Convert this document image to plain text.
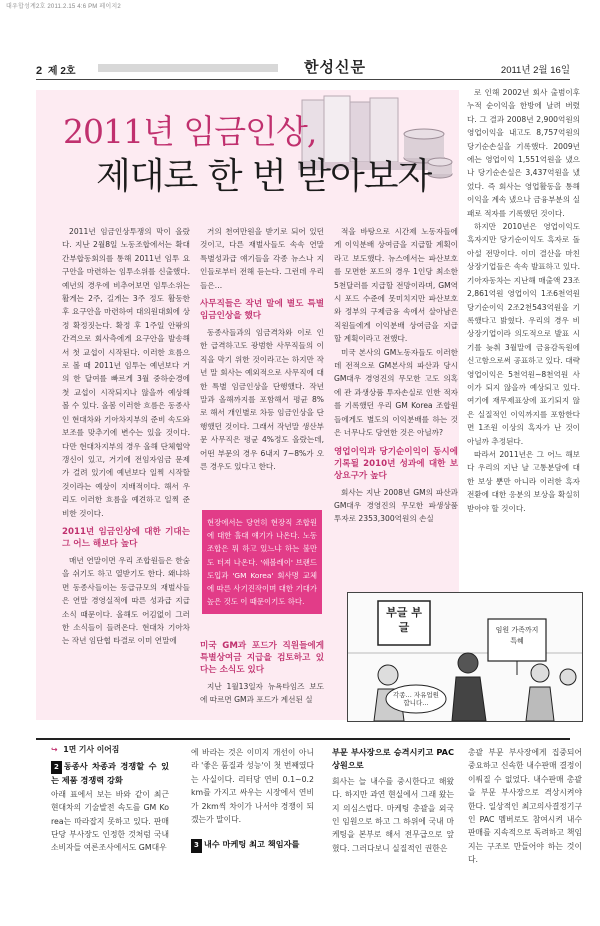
대우합성계2호 2011.2.15 4:6 PM 페이지2
2 제 2호	한성신문	2011년 2월 16일
2011년 임금인상,
제대로 한 번 받아보자

2011년 임금인상투쟁의 막이 올랐다. 지난 2월8일 노동조합에서는 확대간부합동회의를 통해 2011년 임투 요구안을 마련하는 임투소위를 신출했다. 예년의 경우에 비추어보면 임투소위는 활게는 2주, 길게는 3주 정도 활동한 후 요구안을 마련하여 대의원대회에 상정 확정짓는다. 확정 후 1주일 안팎의 간격으로 회사측에게 요구안을 발송해서 첫 교섭이 시작된다. 이러한 흐름으로 볼 때 2011년 임투는 예년보다 거의 한 달여를 빠르게 3월 중하순경에 첫 교섭이 시작되지나 않을까 예상해 볼 수 있다. 올봄 이러한 흐름은 동종사인 현대차와 기아차지부의 준비 속도와 보조를 맞추기에 변수는 있을 것이다. 다만 현대차지부의 경우 올해 단체협약 갱신이 있고, 거기에 전임자임금 문제가 걸려 있기에 예년보다 일찍 시작할 것이라는 예상이 지배적이다. 해서 우리도 이러한 흐름을 예견하고 일찍 준비한 것이다.

2011년 임금인상에 대한 기대는 그 어느 해보다 높다

매년 연말이면 우리 조합원들은 한숨을 쉬기도 하고 열받기도 한다. 왜냐하면 동종사들이는 동급규모의 재벌사들은 연말 경영실적에 따른 성과급 지급 소식 때문이다. 올해도 어김없이 그러한 소식들이 들려온다. 현대차 기아차는 작년 임단협 타결로 이미 연말에

거의 천여만원을 받기로 되어 있던 것이고, 다른 재벌사들도 속속 연말 특별성과급 얘기들을 각종 뉴스나 지인들로부터 전해 듣는다. 그런데 우리들은…

사무직들은 작년 말에 별도 특별 임금인상을 했다

동종사들과의 임금격차와 이로 인한 급격하고도 광범한 사무직들의 이직을 막기 위한 것이라고는 하지만 작년 말 회사는 예외적으로 사무직에 대한 특별 임금인상을 단행했다. 작년 말과 올해까지를 포함해서 평균 8%로 해서 개인별로 차등 임금인상을 단행했던 것이다. 그래서 작년말 생산부문 사무직은 평균 4%정도 올랐는데, 어떤 부문의 경우 6내지 7~8%가 오른 경우도 있다고 한다.

현장에서는 당연히 현장직 조합원에 대한 홀대 얘기가 나온다. 노동조합은 뭐 하고 있느냐 하는 불만도 터져 나온다. '쉐볼레이' 브랜드 도입과 'GM Korea' 회사명 교체에 따른 사기진작이며 대한 기대가 높은 것도 이 때문이기도 하다.
미국 GM과 포드가 직원들에게 특별상여금 지급을 검토하고 있다는 소식도 있다

지난 1월13일자 뉴욕타임즈 보도에 따르면 GM과 포드가 계선된 실

적을 바탕으로 시간제 노동자들에게 이익분배 상여금을 지급할 계획이라고 보도했다. 뉴스에서는 파산보호를 모면한 포드의 경우 1인당 최소한 5천달러를 지급할 전망이라며, GM역시 포드 수준에 못미치지만 파산보호와 정부의 구제금융 속에서 살아남은 직원들에게 이익분배 상여금을 지급할 계획이라고 전했다.

미국 본사의 GM노동자들도 이러한데 전적으로 GM본사의 파산과 당시 GM대우 경영진의 무모한 고도 의혹에 관 과생상품 투자손실로 인한 적자를 기록했던 우리 GM Korea 조합원들에게도 별도의 이익분배를 하는 것은 너무나도 당연한 것은 아닐까?

영업이익과 당기순이익이 동시에 기록될 2010년 성과에 대한 보상요구가 높다

회사는 지난 2008년 GM의 파산과 GM대우 경영진의 무모한 파생상품 투자로 2353,300억원의 손실

로 인해 2002년 회사 출범이후 누적 순이익을 한방에 날려 버렸다. 그 결과 2008년 2,900억원의 영업이익을 내고도 8,757억원의 당기순손실을 기록했다. 2009년에는 영업이익 1,551억원을 냈으나 당기순손실은 3,437억원을 냈었다. 즉 회사는 영업활동을 통해 이익을 계속 냈으나 금융부분의 실패로 적자를 기록했던 것이다.

하지만 2010년은 영업이익도 흑자지만 당기순이익도 흑자로 돌아설 전망이다. 이미 결산을 마친 상장기업들은 속속 발표하고 있다. 기아자동차는 지난해 매출액 23조 2,861억원 영업이익 1조6천억원 당기순이익 2조2천543억원을 기록했다고 밝혔다. 우리의 경우 비상장기업이라 의도적으로 발표 시기를 늦춰 3월말에 금융감독원에 신고함으로써 공표하고 있다. 대략 영업이익은 5천억원~8천억원 사이가 되지 않을까 예상되고 있다. 여기에 재무제표상에 표기되지 않은 실질적인 이익까지를 포함한다면 1조원 이상의 흑자가 난 것이 아닐까 추정된다.

따라서 2011년은 그 어느 해보다 우리의 지난 날 고통분담에 대한 보상 뿐만 아니라 이러한 흑자 전환에 대한 응분의 보상을 확실히 받아야 할 것이다.

부글 부글	임원 가족까지 특혜
각종... 자유업원 합니다...
↪ 1면 기사 이어짐
2 동종사 차종과 경쟁할 수 있는 제품 경쟁력 강화

아래 표에서 보는 바와 같이 최근 현대차의 기술발전 속도를 GM Korea는 따라잡지 못하고 있다. 판매단당 부사장도 인정한 것처럼 국내 소비자들 여론조사에서도 GM대우

에 바라는 것은 이미지 개선이 아니라 '좋은 품질과 성능'이 첫 번째였다는 사실이다. 리터당 연비 0.1~0.2km를 가지고 싸우는 시장에서 연비가 2km씩 차이가 나서야 경쟁이 되겠는가 말이다.

3 내수 마케팅 최고 책임자를
부문 부사장으로 승격시키고 PAC 상원으로

회사는 늘 내수를 중시한다고 해왔다. 하지만 과연 현실에서 그래 왔는 지 의심스럽다. 마케팅 총괄을 외국인 임원으로 하고 그 하위에 국내 마케팅을 본부로 해서 전무급으로 앞혔다. 그러다보니 실질적인 권한은

총괄 부문 부사장에게 집중되어 중요하고 신속한 내수판매 결정이 이뤄질 수 없었다. 내수판매 총괄을 부문 부사장으로 격상시켜야 한다. 일상적인 최고의사결정기구인 PAC 멤버로도 참여시켜 내수판매를 지속적으로 독려하고 책임지는 구조로 만들어야 하는 것이다.
